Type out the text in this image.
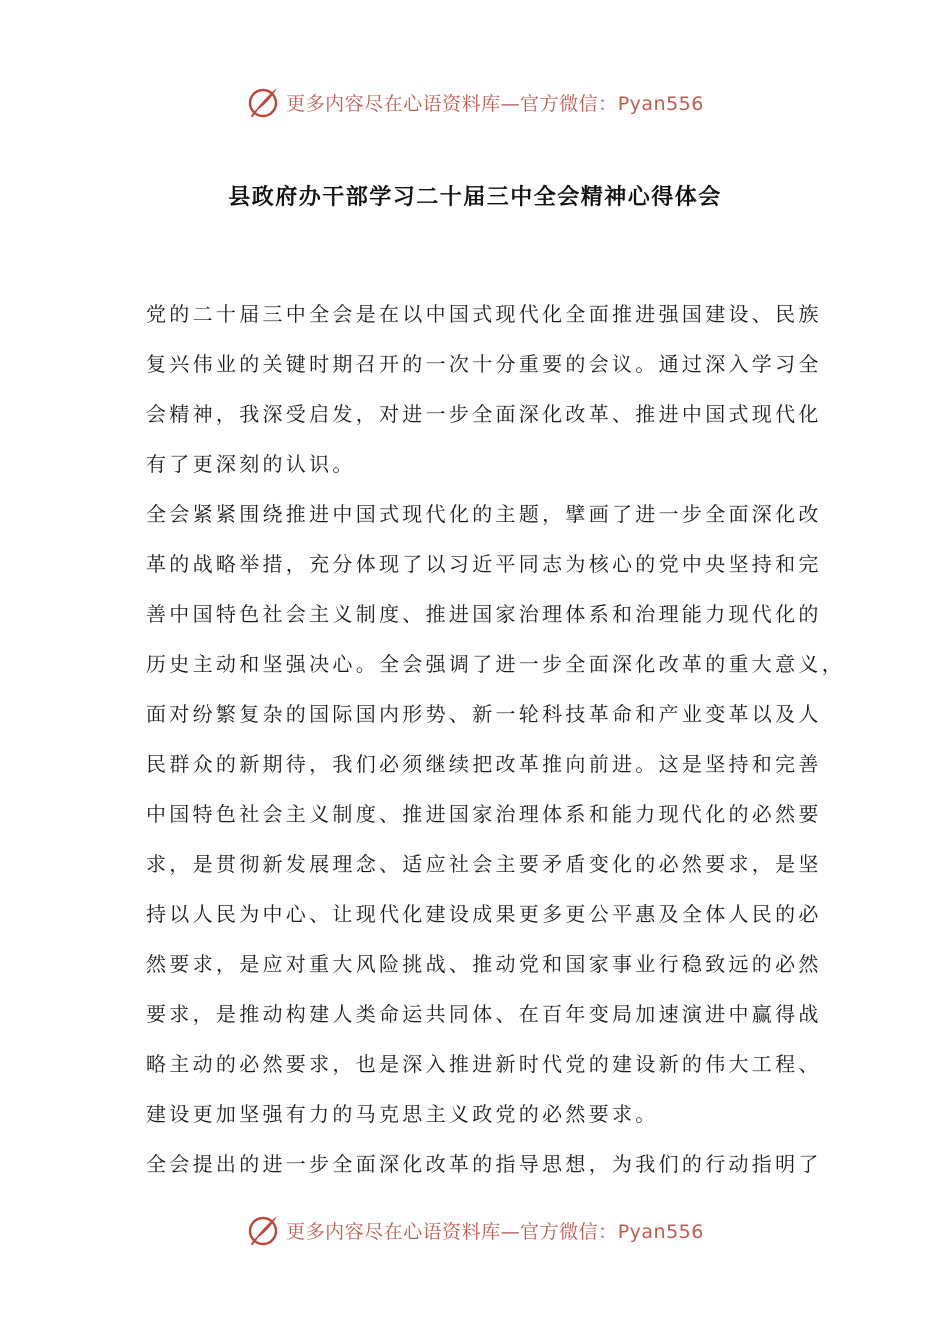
更多内容尽在心语资料库—官方微信：Pyan556
县政府办干部学习二十届三中全会精神心得体会
党的二十届三中全会是在以中国式现代化全面推进强国建设、民族
复兴伟业的关键时期召开的一次十分重要的会议。通过深入学习全
会精神，我深受启发，对进一步全面深化改革、推进中国式现代化
有了更深刻的认识。
全会紧紧围绕推进中国式现代化的主题，擘画了进一步全面深化改
革的战略举措，充分体现了以习近平同志为核心的党中央坚持和完
善中国特色社会主义制度、推进国家治理体系和治理能力现代化的
历史主动和坚强决心。全会强调了进一步全面深化改革的重大意义，
面对纷繁复杂的国际国内形势、新一轮科技革命和产业变革以及人
民群众的新期待，我们必须继续把改革推向前进。这是坚持和完善
中国特色社会主义制度、推进国家治理体系和能力现代化的必然要
求，是贯彻新发展理念、适应社会主要矛盾变化的必然要求，是坚
持以人民为中心、让现代化建设成果更多更公平惠及全体人民的必
然要求，是应对重大风险挑战、推动党和国家事业行稳致远的必然
要求，是推动构建人类命运共同体、在百年变局加速演进中赢得战
略主动的必然要求，也是深入推进新时代党的建设新的伟大工程、
建设更加坚强有力的马克思主义政党的必然要求。
全会提出的进一步全面深化改革的指导思想，为我们的行动指明了
更多内容尽在心语资料库—官方微信：Pyan556
